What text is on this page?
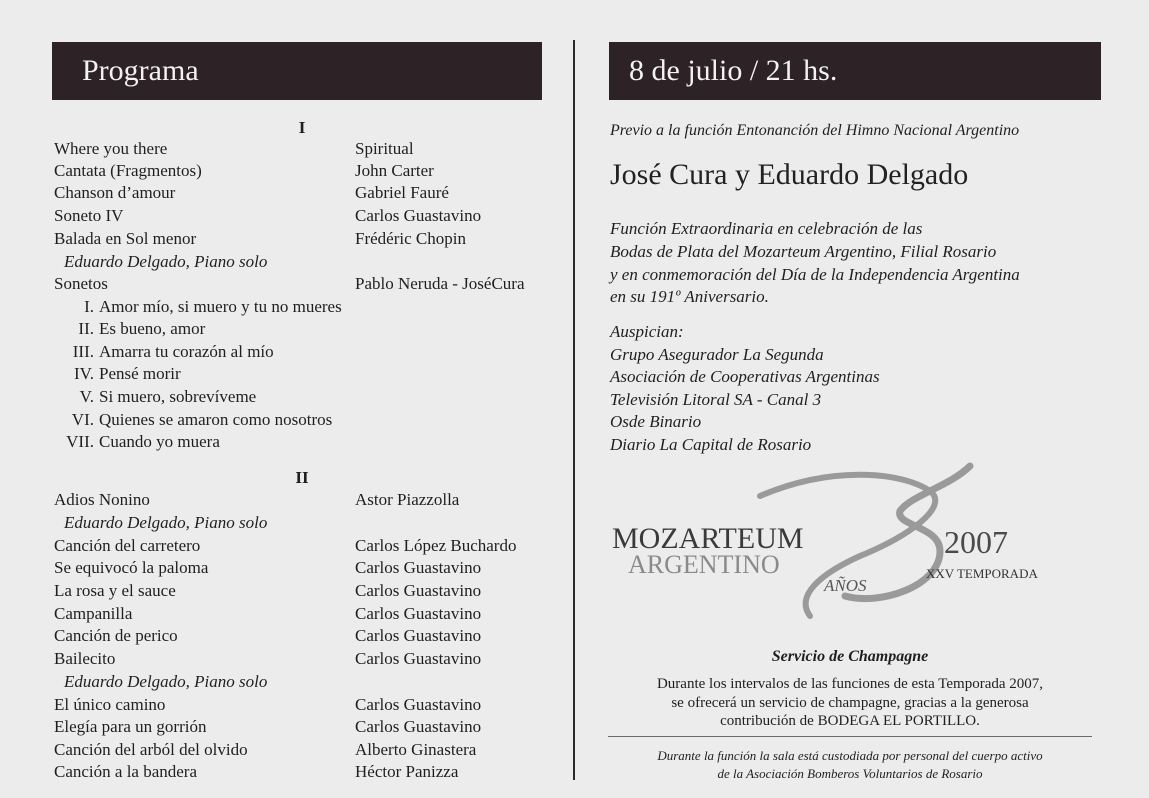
Programa
I
Where you there	Spiritual
Cantata (Fragmentos)	John Carter
Chanson d’amour	Gabriel Fauré
Soneto IV	Carlos Guastavino
Balada en Sol menor	Frédéric Chopin
Eduardo Delgado, Piano solo
Sonetos	Pablo Neruda - JoséCura
I. Amor mío, si muero y tu no mueres
II. Es bueno, amor
III. Amarra tu corazón al mío
IV. Pensé morir
V. Si muero, sobrevíveme
VI. Quienes se amaron como nosotros
VII. Cuando yo muera
II
Adios Nonino	Astor Piazzolla
Eduardo Delgado, Piano solo
Canción del carretero	Carlos López Buchardo
Se equivocó la paloma	Carlos Guastavino
La rosa y el sauce	Carlos Guastavino
Campanilla	Carlos Guastavino
Canción de perico	Carlos Guastavino
Bailecito	Carlos Guastavino
Eduardo Delgado, Piano solo
El único camino	Carlos Guastavino
Elegía para un gorrión	Carlos Guastavino
Canción del arból del olvido	Alberto Ginastera
Canción a la bandera	Héctor Panizza
8 de julio / 21 hs.
Previo a la función Entonanción del Himno Nacional Argentino
José Cura y Eduardo Delgado
Función Extraordinaria en celebración de las
Bodas de Plata del Mozarteum Argentino, Filial Rosario
y en conmemoración del Día de la Independencia Argentina
en su 191º Aniversario.
Auspician:
Grupo Asegurador La Segunda
Asociación de Cooperativas Argentinas
Televisión Litoral SA - Canal 3
Osde Binario
Diario La Capital de Rosario
MOZARTEUM
ARGENTINO
AÑOS
2007
XXV TEMPORADA
Servicio de Champagne
Durante los intervalos de las funciones de esta Temporada 2007,
se ofrecerá un servicio de champagne, gracias a la generosa
contribución de BODEGA EL PORTILLO.
Durante la función la sala está custodiada por personal del cuerpo activo
de la Asociación Bomberos Voluntarios de Rosario
